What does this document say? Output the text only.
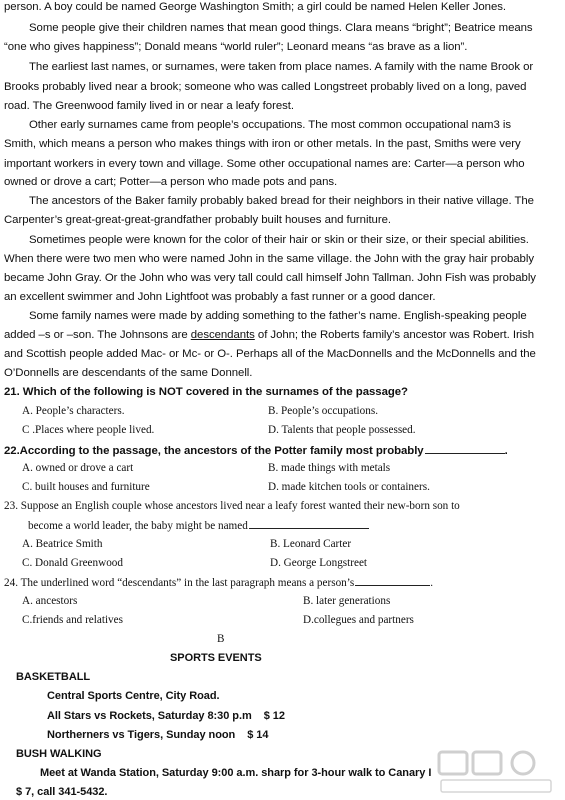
person. A boy could be named George Washington Smith; a girl could be named Helen Keller Jones.
Some people give their children names that mean good things. Clara means “bright”; Beatrice means
“one who gives happiness”; Donald means “world ruler”; Leonard means “as brave as a lion”.
The earliest last names, or surnames, were taken from place names. A family with the name Brook or
Brooks probably lived near a brook; someone who was called Longstreet probably lived on a long, paved
road. The Greenwood family lived in or near a leafy forest.
Other early surnames came from people’s occupations. The most common occupational nam3 is
Smith, which means a person who makes things with iron or other metals. In the past, Smiths were very
important workers in every town and village. Some other occupational names are: Carter—a person who
owned or drove a cart; Potter—a person who made pots and pans.
The ancestors of the Baker family probably baked bread for their neighbors in their native village. The
Carpenter’s great-great-great-grandfather probably built houses and furniture.
Sometimes people were known for the color of their hair or skin or their size, or their special abilities.
When there were two men who were named John in the same village. the John with the gray hair probably
became John Gray. Or the John who was very tall could call himself John Tallman. John Fish was probably
an excellent swimmer and John Lightfoot was probably a fast runner or a good dancer.
Some family names were made by adding something to the father’s name. English-speaking people
added –s or –son. The Johnsons are descendants of John; the Roberts family’s ancestor was Robert. Irish
and Scottish people added Mac- or Mc- or O-. Perhaps all of the MacDonnells and the McDonnells and the
O’Donnells are descendants of the same Donnell.
21. Which of the following is NOT covered in the surnames of the passage?
A. People’s characters.	B. People’s occupations.
C .Places where people lived.	D. Talents that people possessed.
22.According to the passage, the ancestors of the Potter family most probably	.
A. owned or drove a cart	B. made things with metals
C. built houses and furniture	D. made kitchen tools or containers.
23. Suppose an English couple whose ancestors lived near a leafy forest wanted their new-born son to
become a world leader, the baby might be named
A. Beatrice Smith	B. Leonard Carter
C. Donald Greenwood	D. George Longstreet
24. The underlined word “descendants” in the last paragraph means a person’s	.
A. ancestors	B. later generations
C.friends and relatives	D.collegues and partners
B
SPORTS EVENTS
BASKETBALL
Central Sports Centre, City Road.
All Stars vs Rockets, Saturday 8:30 p.m    $ 12
Northerners vs Tigers, Sunday noon    $ 14
BUSH WALKING
Meet at Wanda Station, Saturday 9:00 a.m. sharp for 3-hour walk to Canary I
$ 7, call 341-5432.
